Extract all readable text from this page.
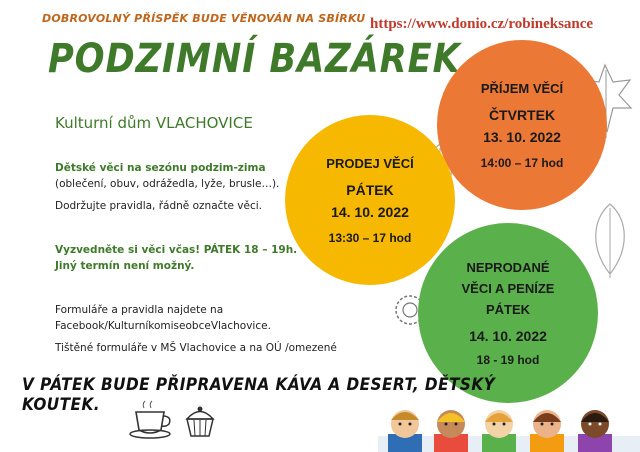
DOBROVOLNÝ PŘÍSPĚK BUDE VĚNOVÁN NA SBÍRKU https://www.donio.cz/robineksance
PODZIMNÍ BAZÁREK
Kulturní dům VLACHOVICE
Dětské věci na sezónu podzim-zima
(oblečení, obuv, odrážedla, lyže, brusle…).
Dodržujte pravidla, řádně označte věci.
Vyzvedněte si věci včas! PÁTEK 18 – 19h.
Jiný termín není možný.
Formuláře a pravidla najdete na
Facebook/KulturníkomiseobceVlachovice.
Tištěné formuláře v MŠ Vlachovice a na OÚ /omezené
PŘÍJEM VĚCÍ
ČTVRTEK
13. 10. 2022
14:00 – 17 hod
PRODEJ VĚCÍ
PÁTEK
14. 10. 2022
13:30 – 17 hod
NEPRODANÉ
VĚCI A PENÍZE
PÁTEK
14. 10. 2022
18 - 19 hod
V PÁTEK BUDE PŘIPRAVENA KÁVA A DESERT, DĚTSKÝ KOUTEK.
